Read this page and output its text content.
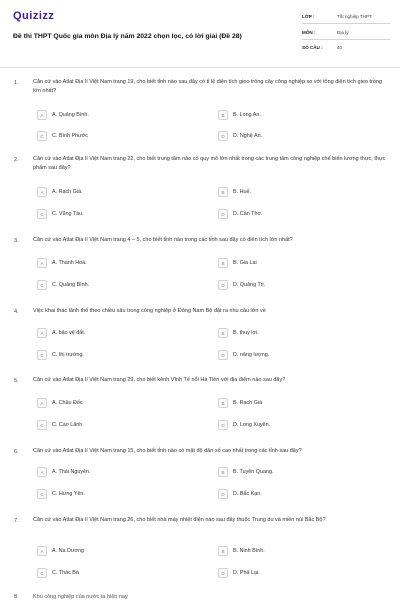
Quizizz
Đề thi THPT Quốc gia môn Địa lý năm 2022 chọn lọc, có lời giải (Đề 28)
LỚP :	Tốt nghiệp THPT
MÔN :	Địa lý
SỐ CÂU :	40
1.	Căn cứ vào Atlat Địa lí Việt Nam trang 19, cho biết tỉnh nào sau đây có tỉ lệ diện tích gieo trồng cây công nghiệp so với tổng diện tích gieo trồng lớn nhất?
A	A. Quảng Bình.	B	B. Long An.
C	C. Bình Phước	D	D. Nghệ An.
2.	Căn cứ vào Atlat Địa lí Việt Nam trang 22, cho biết trung tâm nào có quy mô lớn nhất trong các trung tâm công nghiệp chế biến lương thực, thực phẩm sau đây?
A	A. Rạch Giá.	B	B. Huế.
C	C. Vũng Tàu.	D	D. Cần Thơ.
3.	Căn cứ vào Atlat Địa lí Việt Nam trang 4 – 5, cho biết tỉnh nào trong các tỉnh sau đây có diện tích lớn nhất?
A	A. Thanh Hoá.	B	B. Gia Lai
C	C. Quảng Bình.	D	D. Quảng Trị.
4.	Việc khai thác lãnh thổ theo chiều sâu trong công nghiệp ở Đông Nam Bộ đặt ra nhu cầu lớn về
A	A. bảo vệ đất.	B	B. thuỷ lợi.
C	C. thị trường.	D	D. năng lượng.
5.	Căn cứ vào Atlat Địa lí Việt Nam trang 29, cho biết kênh Vĩnh Tế nối Hà Tiên với địa điểm nào sau đây?
A	A. Châu Đốc	B	B. Rạch Giá
C	C. Cao Lãnh	D	D. Long Xuyên.
6.	Căn cứ vào Atlat Địa lí Việt Nam trang 15, cho biết tỉnh nào có mật độ dân số cao nhất trong các tỉnh sau đây?
A	A. Thái Nguyên.	B	B. Tuyên Quang.
C	C. Hưng Yên.	D	D. Bắc Kạn.
7.	Căn cứ vào Atlat Địa lí Việt Nam trang 26, cho biết nhà máy nhiệt điện nào sau đây thuộc Trung du và miền núi Bắc Bộ?
A	A. Na Dương	B	B. Ninh Bình.
C	C. Thác Bà	D	D. Phả Lại.
8.	Khu công nghiệp của nước ta hiện nay
